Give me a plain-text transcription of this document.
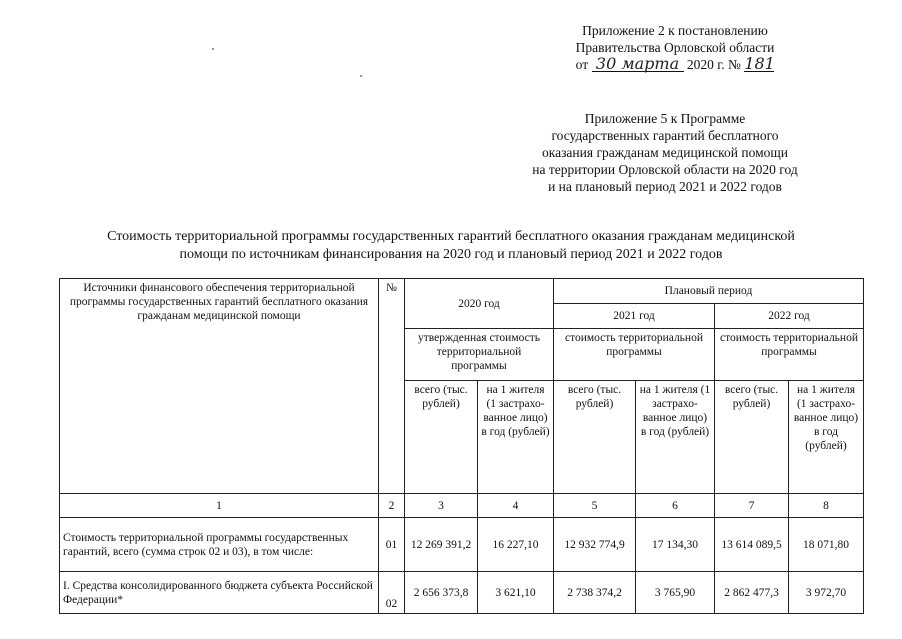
Приложение 2 к постановлению
Правительства Орловской области
от 30 марта 2020 г. № 181
Приложение 5 к Программе
государственных гарантий бесплатного
оказания гражданам медицинской помощи
на территории Орловской области на 2020 год
и на плановый период 2021 и 2022 годов
Стоимость территориальной программы государственных гарантий бесплатного оказания гражданам медицинской
помощи по источникам финансирования на 2020 год и плановый период 2021 и 2022 годов
Источники финансового обеспечения территориальной программы государственных гарантий бесплатного оказания гражданам медицинской помощи	№	2020 год		Плановый период			
				2021 год		2022 год	
		утвержденная стоимость территориальной программы		стоимость территориальной программы		стоимость территориальной программы	
		всего (тыс. рублей)	на 1 жителя (1 застрахо-ванное лицо) в год (рублей)	всего (тыс. рублей)	на 1 жителя (1 застрахо-ванное лицо) в год (рублей)	всего (тыс. рублей)	на 1 жителя (1 застрахо-ванное лицо) в год (рублей)
1	2	3	4	5	6	7	8
Стоимость территориальной программы государственных гарантий, всего (сумма строк 02 и 03), в том числе:	01	12 269 391,2	16 227,10	12 932 774,9	17 134,30	13 614 089,5	18 071,80
I. Средства консолидированного бюджета субъекта Российской Федерации*	02	2 656 373,8	3 621,10	2 738 374,2	3 765,90	2 862 477,3	3 972,70
